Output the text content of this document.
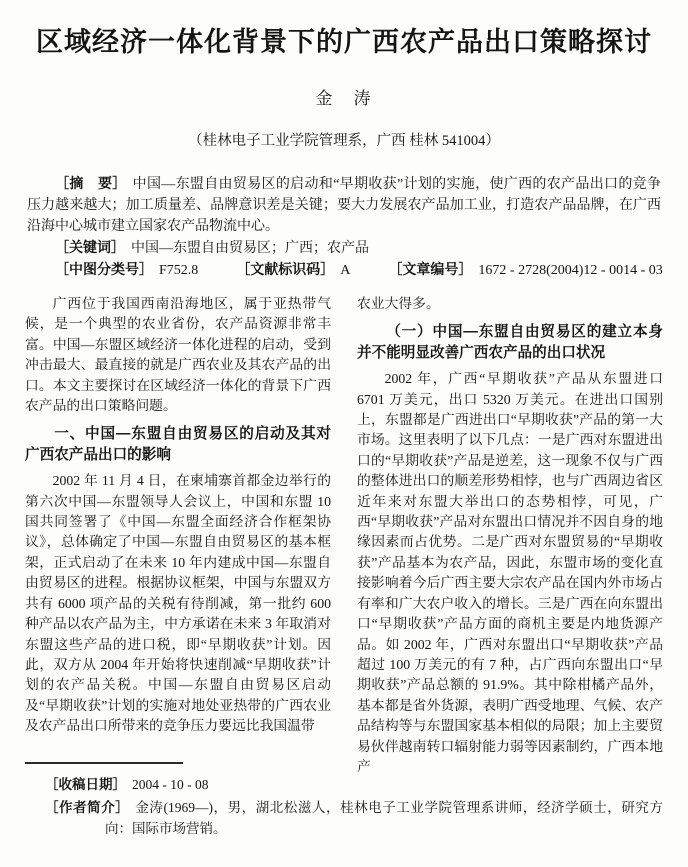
区域经济一体化背景下的广西农产品出口策略探讨
金　涛
（桂林电子工业学院管理系，广西 桂林 541004）

［摘　要］ 中国—东盟自由贸易区的启动和“早期收获”计划的实施，使广西的农产品出口的竞争压力越来越大；加工质量差、品牌意识差是关键；要大力发展农产品加工业，打造农产品品牌，在广西沿海中心城市建立国家农产品物流中心。

［关键词］ 中国—东盟自由贸易区；广西；农产品

［中图分类号］ F752.8	［文献标识码］ A	［文章编号］ 1672 - 2728(2004)12 - 0014 - 03

广西位于我国西南沿海地区，属于亚热带气候，是一个典型的农业省份，农产品资源非常丰富。中国—东盟区域经济一体化进程的启动，受到冲击最大、最直接的就是广西农业及其农产品的出口。本文主要探讨在区域经济一体化的背景下广西农产品的出口策略问题。

一、中国—东盟自由贸易区的启动及其对广西农产品出口的影响

2002 年 11 月 4 日，在柬埔寨首都金边举行的第六次中国—东盟领导人会议上，中国和东盟 10 国共同签署了《中国—东盟全面经济合作框架协议》，总体确定了中国—东盟自由贸易区的基本框架，正式启动了在未来 10 年内建成中国—东盟自由贸易区的进程。根据协议框架，中国与东盟双方共有 6000 项产品的关税有待削减，第一批约 600 种产品以农产品为主，中方承诺在未来 3 年取消对东盟这些产品的进口税，即“早期收获”计划。因此，双方从 2004 年开始将快速削减“早期收获”计划的农产品关税。中国—东盟自由贸易区启动及“早期收获”计划的实施对地处亚热带的广西农业及农产品出口所带来的竞争压力要远比我国温带

农业大得多。

（一）中国—东盟自由贸易区的建立本身并不能明显改善广西农产品的出口状况

2002 年，广西“早期收获”产品从东盟进口 6701 万美元，出口 5320 万美元。在进出口国别上，东盟都是广西进出口“早期收获”产品的第一大市场。这里表明了以下几点：一是广西对东盟进出口的“早期收获”产品是逆差，这一现象不仅与广西的整体进出口的顺差形势相悖，也与广西周边省区近年来对东盟大举出口的态势相悖，可见，广西“早期收获”产品对东盟出口情况并不因自身的地缘因素而占优势。二是广西对东盟贸易的“早期收获”产品基本为农产品，因此，东盟市场的变化直接影响着今后广西主要大宗农产品在国内外市场占有率和广大农户收入的增长。三是广西在向东盟出口“早期收获”产品方面的商机主要是内地货源产品。如 2002 年，广西对东盟出口“早期收获”产品超过 100 万美元的有 7 种，占广西向东盟出口“早期收获”产品总额的 91.9%。其中除柑橘产品外，基本都是省外货源，表明广西受地理、气候、农产品结构等与东盟国家基本相似的局限；加上主要贸易伙伴越南转口辐射能力弱等因素制约，广西本地产

［收稿日期］ 2004 - 10 - 08

［作者简介］ 金涛(1969—)，男，湖北松滋人，桂林电子工业学院管理系讲师，经济学硕士，研究方向：国际市场营销。
